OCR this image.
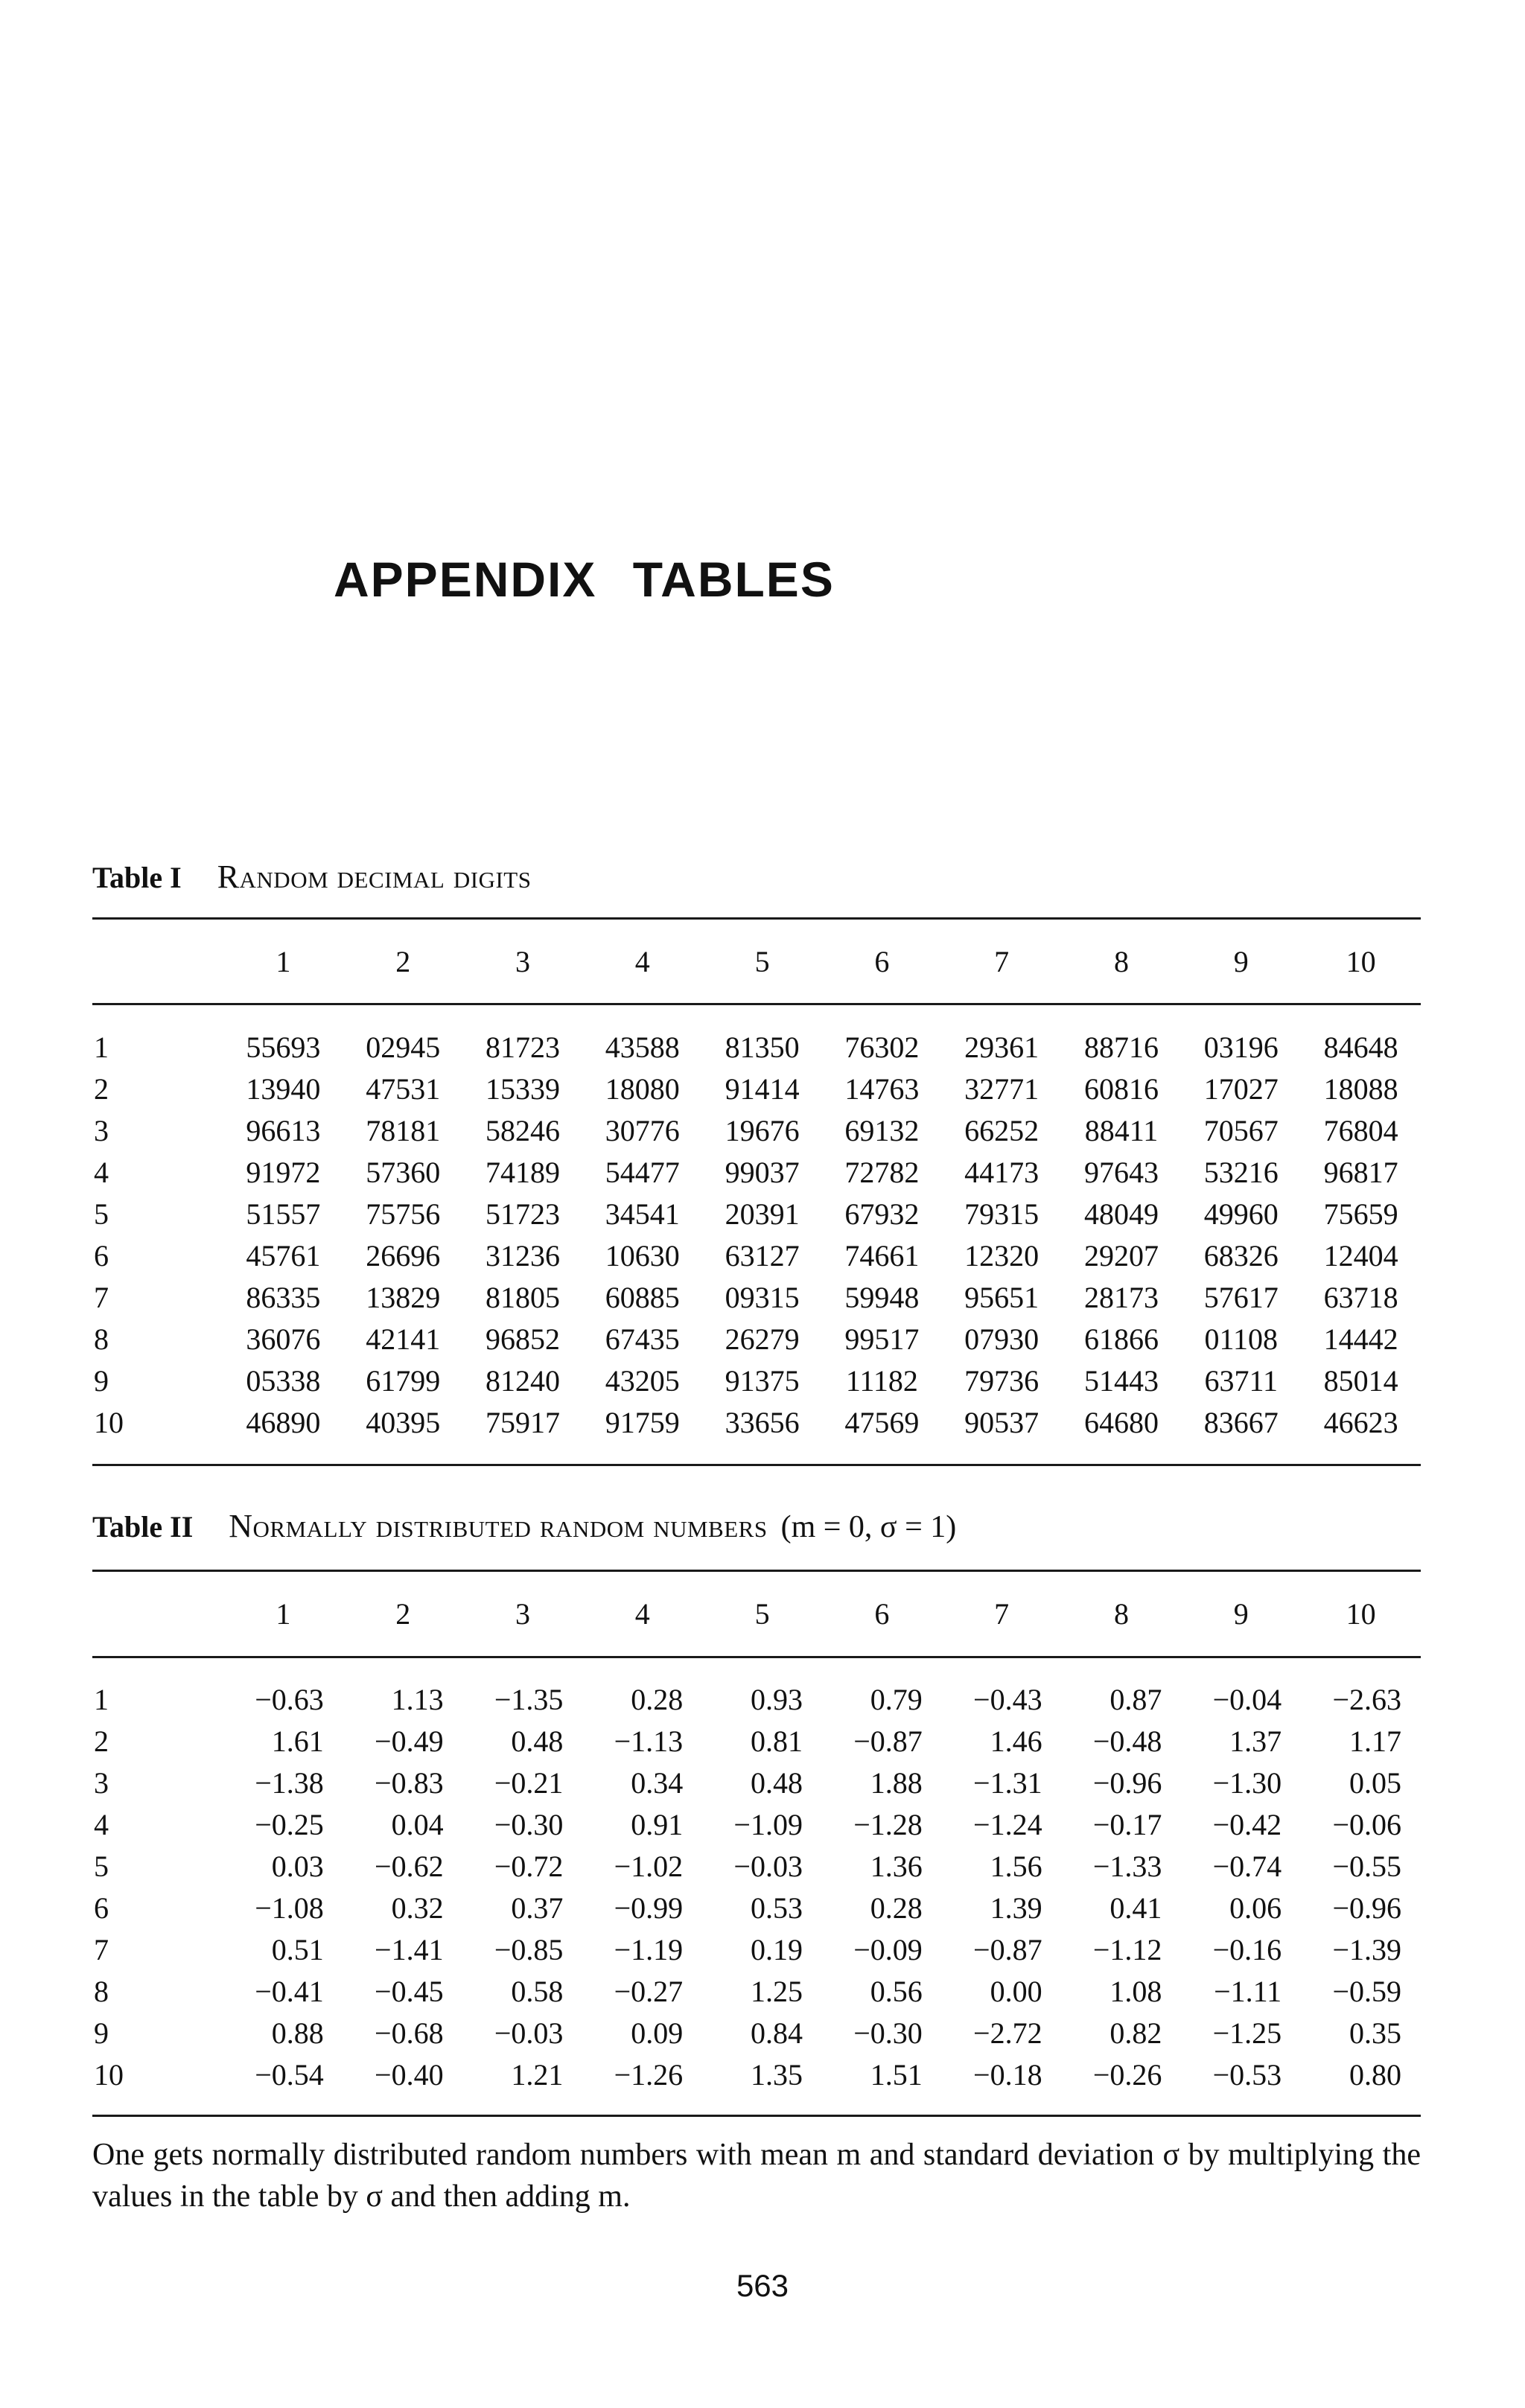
APPENDIX TABLES
Table I Random decimal digits
	1	2	3	4	5	6	7	8	9	10
1	55693	02945	81723	43588	81350	76302	29361	88716	03196	84648
2	13940	47531	15339	18080	91414	14763	32771	60816	17027	18088
3	96613	78181	58246	30776	19676	69132	66252	88411	70567	76804
4	91972	57360	74189	54477	99037	72782	44173	97643	53216	96817
5	51557	75756	51723	34541	20391	67932	79315	48049	49960	75659
6	45761	26696	31236	10630	63127	74661	12320	29207	68326	12404
7	86335	13829	81805	60885	09315	59948	95651	28173	57617	63718
8	36076	42141	96852	67435	26279	99517	07930	61866	01108	14442
9	05338	61799	81240	43205	91375	11182	79736	51443	63711	85014
10	46890	40395	75917	91759	33656	47569	90537	64680	83667	46623
Table II Normally distributed random numbers (m = 0, σ = 1)
	1	2	3	4	5	6	7	8	9	10
1	−0.63	1.13	−1.35	0.28	0.93	0.79	−0.43	0.87	−0.04	−2.63
2	1.61	−0.49	0.48	−1.13	0.81	−0.87	1.46	−0.48	1.37	1.17
3	−1.38	−0.83	−0.21	0.34	0.48	1.88	−1.31	−0.96	−1.30	0.05
4	−0.25	0.04	−0.30	0.91	−1.09	−1.28	−1.24	−0.17	−0.42	−0.06
5	0.03	−0.62	−0.72	−1.02	−0.03	1.36	1.56	−1.33	−0.74	−0.55
6	−1.08	0.32	0.37	−0.99	0.53	0.28	1.39	0.41	0.06	−0.96
7	0.51	−1.41	−0.85	−1.19	0.19	−0.09	−0.87	−1.12	−0.16	−1.39
8	−0.41	−0.45	0.58	−0.27	1.25	0.56	0.00	1.08	−1.11	−0.59
9	0.88	−0.68	−0.03	0.09	0.84	−0.30	−2.72	0.82	−1.25	0.35
10	−0.54	−0.40	1.21	−1.26	1.35	1.51	−0.18	−0.26	−0.53	0.80

One gets normally distributed random numbers with mean m and standard deviation σ by multiplying the values in the table by σ and then adding m.

563
